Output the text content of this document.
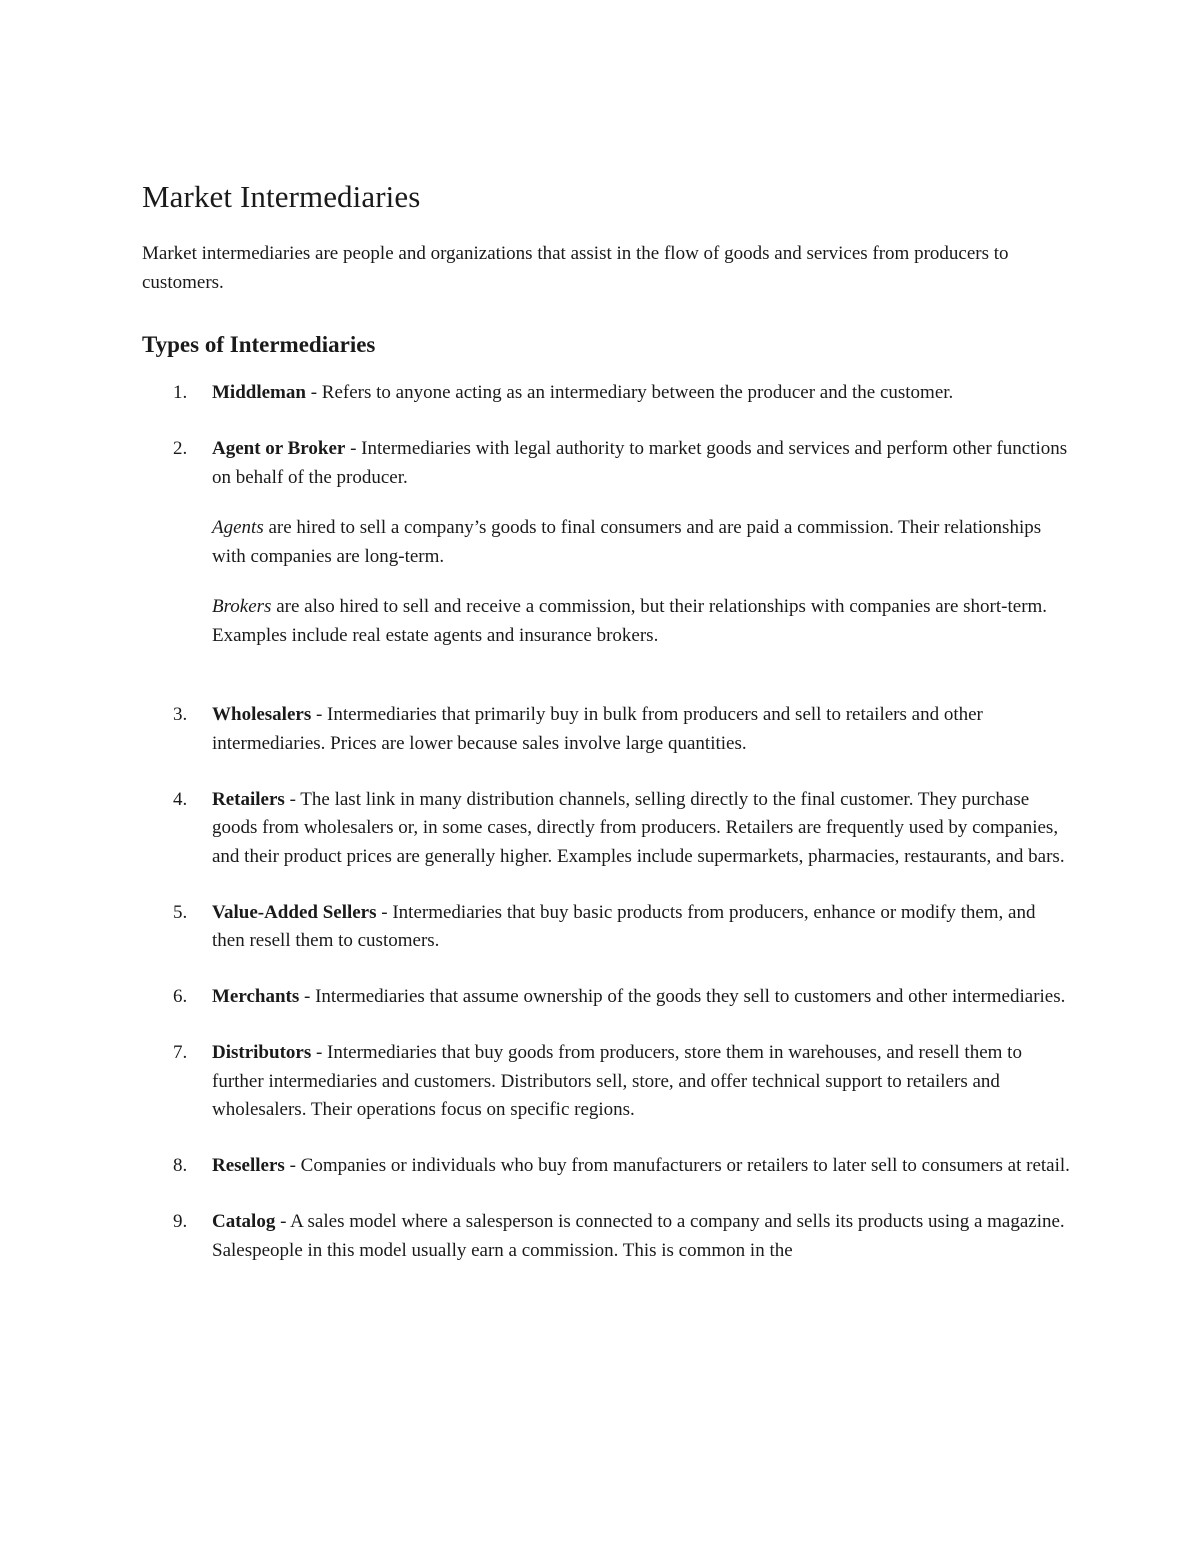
Market Intermediaries

Market intermediaries are people and organizations that assist in the flow of goods and services from producers to customers.

Types of Intermediaries
1. Middleman - Refers to anyone acting as an intermediary between the producer and the customer.
2. Agent or Broker - Intermediaries with legal authority to market goods and services and perform other functions on behalf of the producer.
Agents are hired to sell a company’s goods to final consumers and are paid a commission. Their relationships with companies are long-term.
Brokers are also hired to sell and receive a commission, but their relationships with companies are short-term. Examples include real estate agents and insurance brokers.
3. Wholesalers - Intermediaries that primarily buy in bulk from producers and sell to retailers and other intermediaries. Prices are lower because sales involve large quantities.
4. Retailers - The last link in many distribution channels, selling directly to the final customer. They purchase goods from wholesalers or, in some cases, directly from producers. Retailers are frequently used by companies, and their product prices are generally higher. Examples include supermarkets, pharmacies, restaurants, and bars.
5. Value-Added Sellers - Intermediaries that buy basic products from producers, enhance or modify them, and then resell them to customers.
6. Merchants - Intermediaries that assume ownership of the goods they sell to customers and other intermediaries.
7. Distributors - Intermediaries that buy goods from producers, store them in warehouses, and resell them to further intermediaries and customers. Distributors sell, store, and offer technical support to retailers and wholesalers. Their operations focus on specific regions.
8. Resellers - Companies or individuals who buy from manufacturers or retailers to later sell to consumers at retail.
9. Catalog - A sales model where a salesperson is connected to a company and sells its products using a magazine. Salespeople in this model usually earn a commission. This is common in the
